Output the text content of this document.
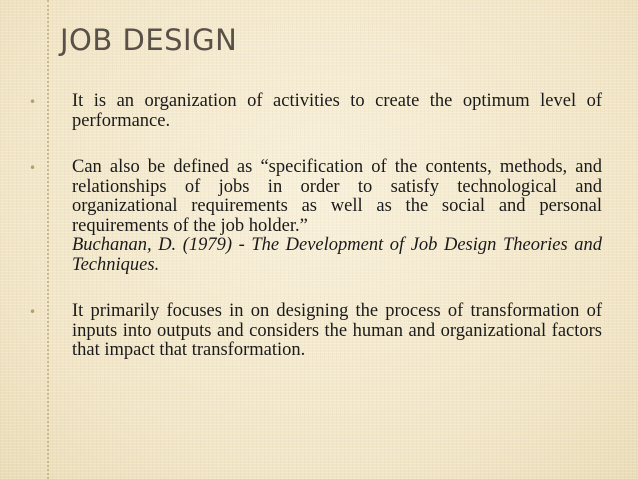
JOB DESIGN
• It is an organization of activities to create the optimum level of performance.
• Can also be defined as “specification of the contents, methods, and relationships of jobs in order to satisfy technological and organizational requirements as well as the social and personal requirements of the job holder.”
Buchanan, D. (1979) - The Development of Job Design Theories and Techniques.
• It primarily focuses in on designing the process of transformation of inputs into outputs and considers the human and organizational factors that impact that transformation.
